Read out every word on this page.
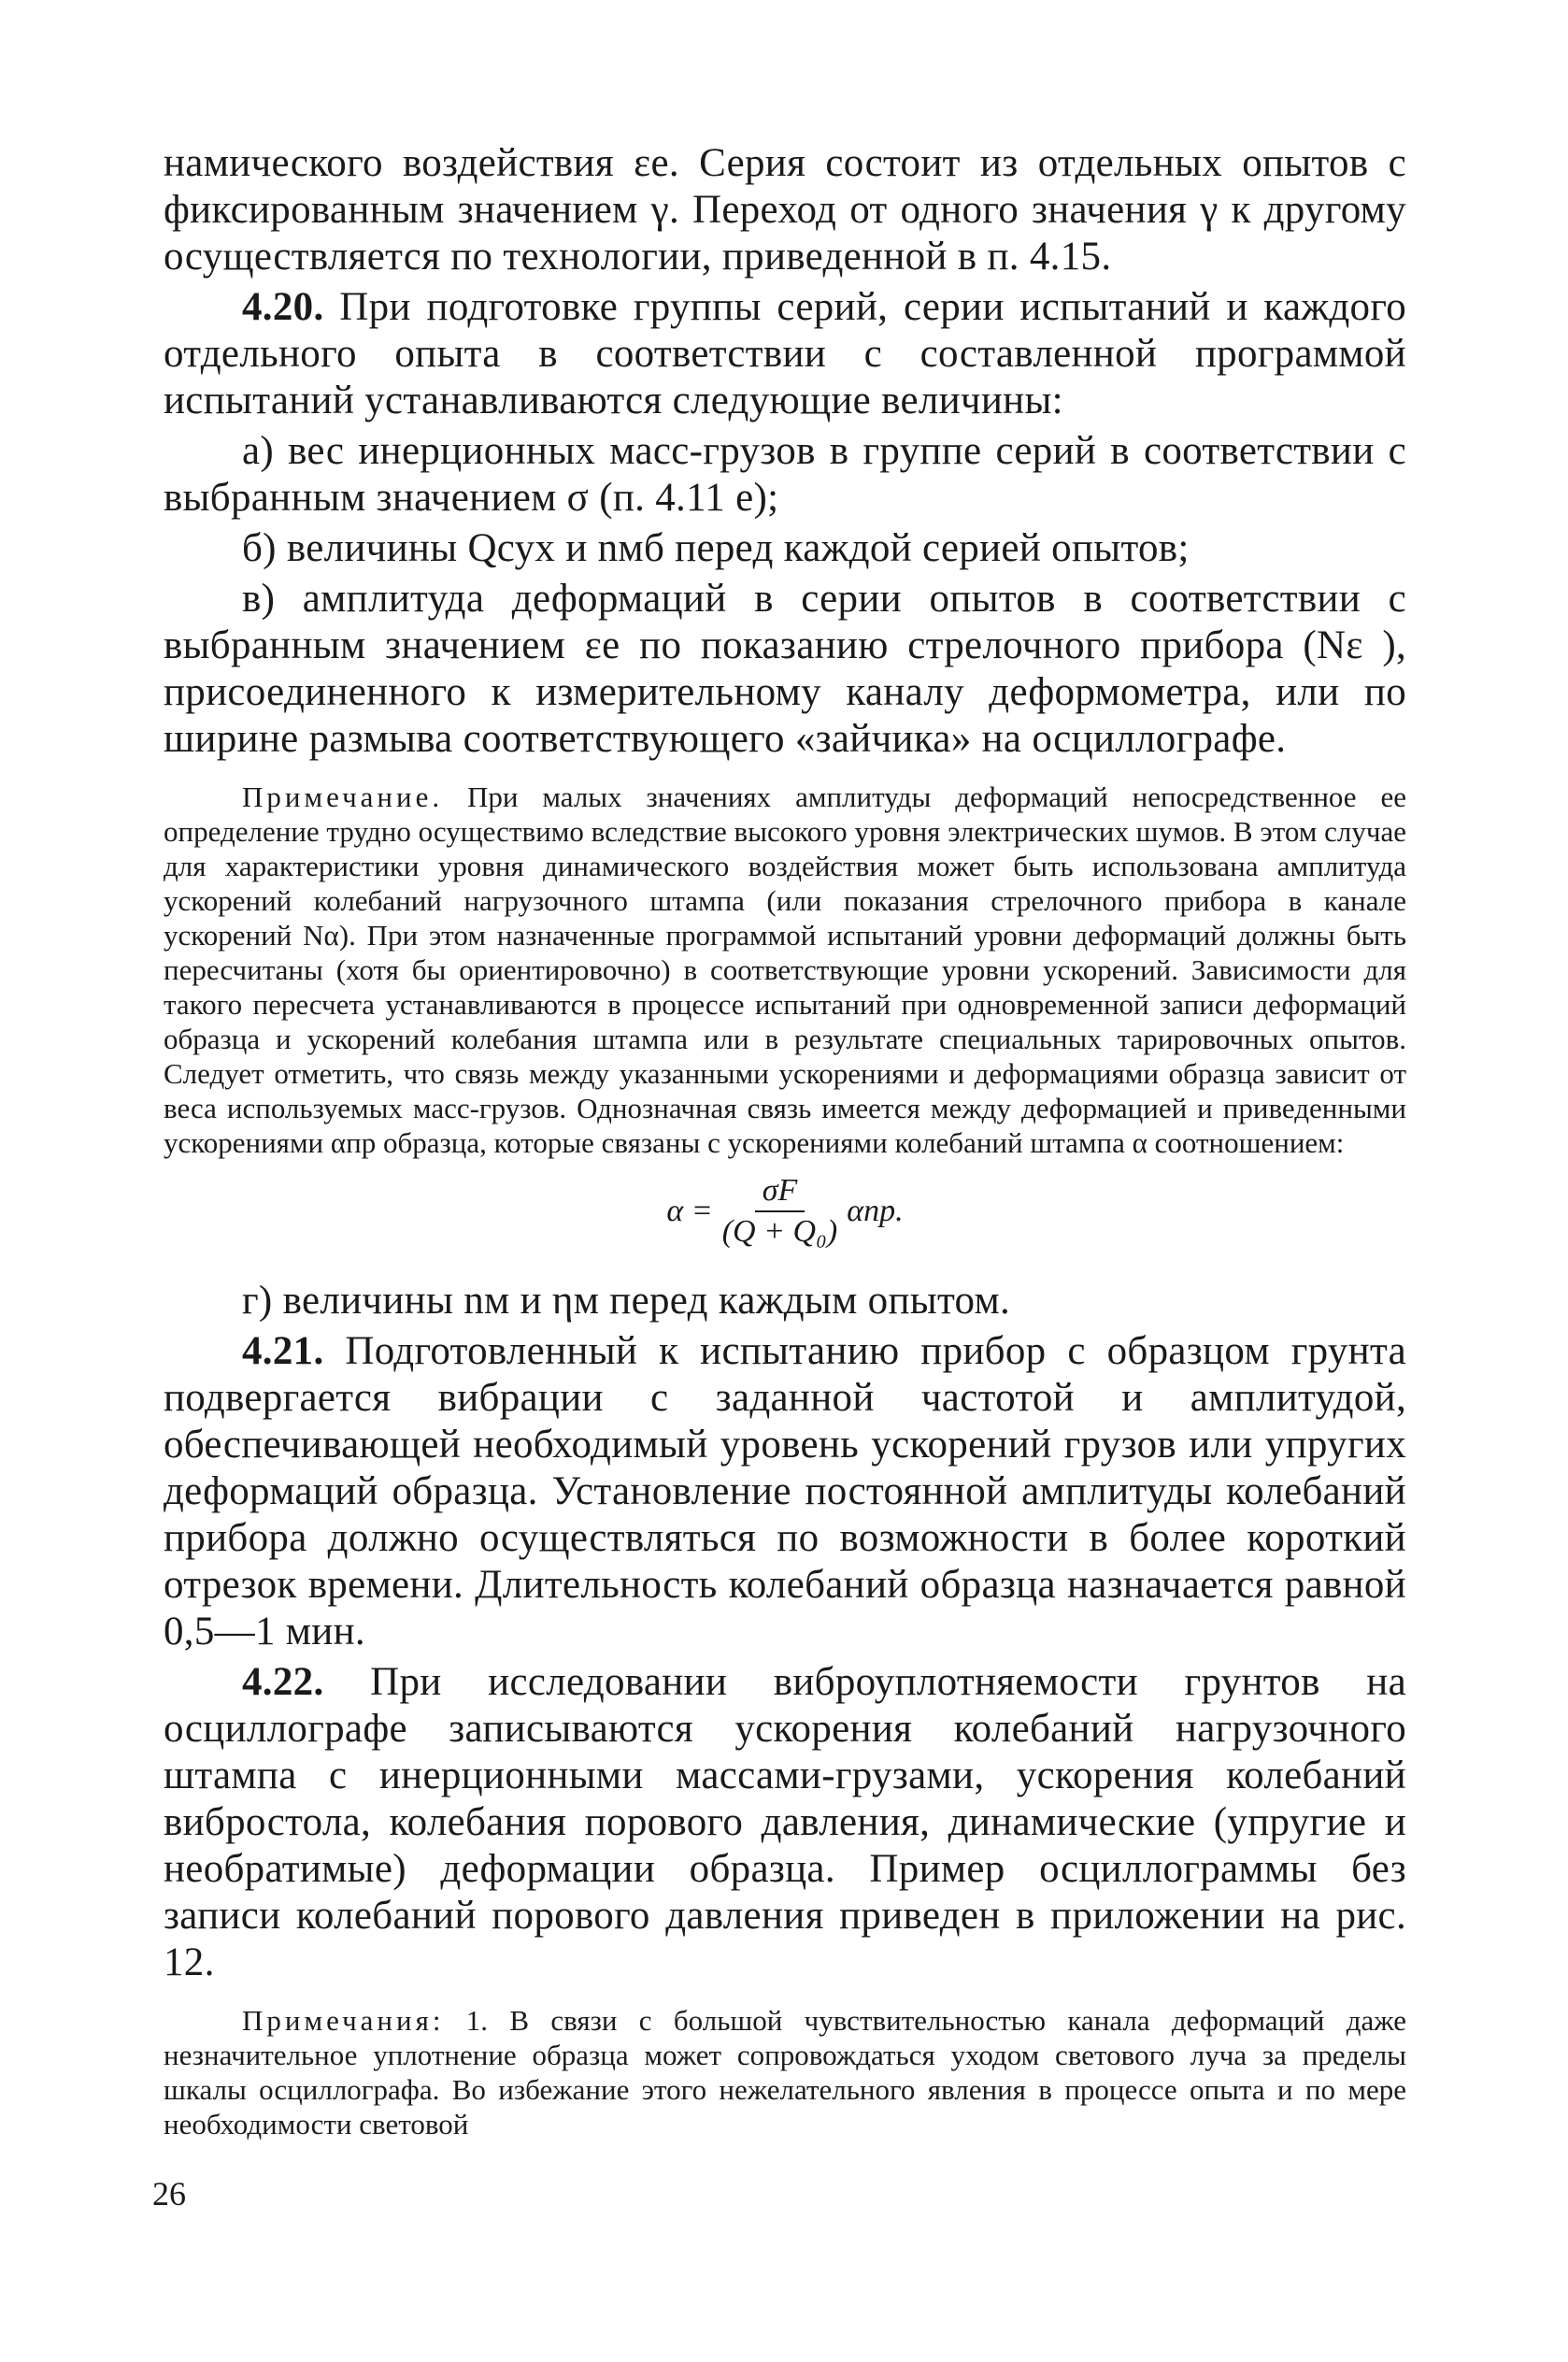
намического воздействия εе. Серия состоит из отдельных опытов с фиксированным значением γ. Переход от одного значения γ к другому осуществляется по технологии, приведенной в п. 4.15.

4.20. При подготовке группы серий, серии испытаний и каждого отдельного опыта в соответствии с составленной программой испытаний устанавливаются следующие величины:

а) вес инерционных масс-грузов в группе серий в соответствии с выбранным значением σ (п. 4.11 е);

б) величины Qсух и nмб перед каждой серией опытов;

в) амплитуда деформаций в серии опытов в соответствии с выбранным значением εе по показанию стрелочного прибора (Nε ), присоединенного к измерительному каналу деформометра, или по ширине размыва соответствующего «зайчика» на осциллографе.

Примечание. При малых значениях амплитуды деформаций непосредственное ее определение трудно осуществимо вследствие высокого уровня электрических шумов. В этом случае для характеристики уровня динамического воздействия может быть использована амплитуда ускорений колебаний нагрузочного штампа (или показания стрелочного прибора в канале ускорений Nα). При этом назначенные программой испытаний уровни деформаций должны быть пересчитаны (хотя бы ориентировочно) в соответствующие уровни ускорений. Зависимости для такого пересчета устанавливаются в процессе испытаний при одновременной записи деформаций образца и ускорений колебания штампа или в результате специальных тарировочных опытов. Следует отметить, что связь между указанными ускорениями и деформациями образца зависит от веса используемых масс-грузов. Однозначная связь имеется между деформацией и приведенными ускорениями αпр образца, которые связаны с ускорениями колебаний штампа α соотношением:
$\alpha = \frac{\sigma F}{\text{(Q + Q₀)}} \alpha пр$.

г) величины nм и ηм перед каждым опытом.

4.21. Подготовленный к испытанию прибор с образцом грунта подвергается вибрации с заданной частотой и амплитудой, обеспечивающей необходимый уровень ускорений грузов или упругих деформаций образца. Установление постоянной амплитуды колебаний прибора должно осуществляться по возможности в более короткий отрезок времени. Длительность колебаний образца назначается равной 0,5—1 мин.

4.22. При исследовании виброуплотняемости грунтов на осциллографе записываются ускорения колебаний нагрузочного штампа с инерционными массами-грузами, ускорения колебаний вибростола, колебания порового давления, динамические (упругие и необратимые) деформации образца. Пример осциллограммы без записи колебаний порового давления приведен в приложении на рис. 12.

Примечания: 1. В связи с большой чувствительностью канала деформаций даже незначительное уплотнение образца может сопровождаться уходом светового луча за пределы шкалы осциллографа. Во избежание этого нежелательного явления в процессе опыта и по мере необходимости световой
26
